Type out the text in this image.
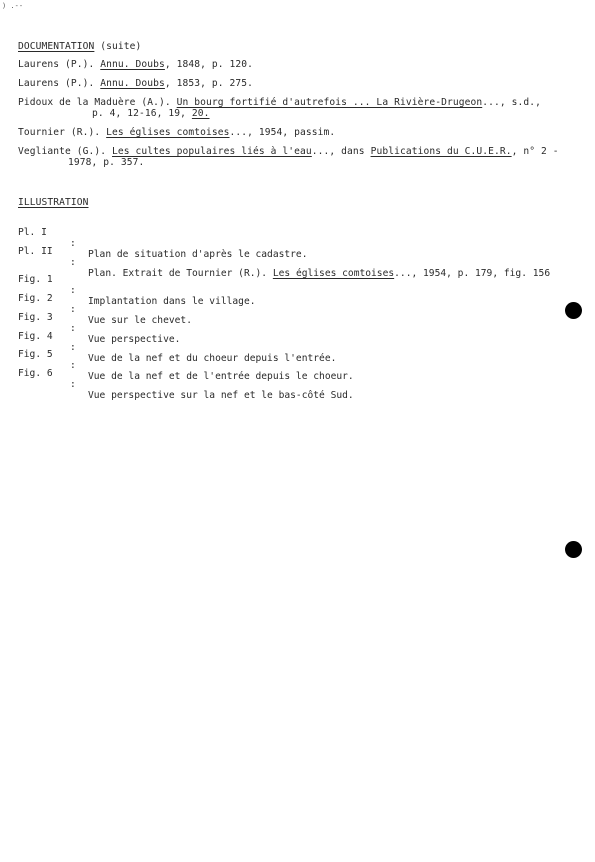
) .--
DOCUMENTATION (suite)
Laurens (P.). Annu. Doubs, 1848, p. 120.
Laurens (P.). Annu. Doubs, 1853, p. 275.
Pidoux de la Maduère (A.). Un bourg fortifié d'autrefois ... La Rivière-Drugeon..., s.d.,
p. 4, 12-16, 19, 20.
Tournier (R.). Les églises comtoises..., 1954, passim.
Vegliante (G.). Les cultes populaires liés à l'eau..., dans Publications du C.U.E.R., n° 2 -
1978, p. 357.
ILLUSTRATION

Pl. I

:

Plan de situation d'après le cadastre.

Pl. II

:

Plan. Extrait de Tournier (R.). Les églises comtoises..., 1954, p. 179, fig. 156

Fig. 1

:

Implantation dans le village.

Fig. 2

:

Vue sur le chevet.

Fig. 3

:

Vue perspective.

Fig. 4

:

Vue de la nef et du choeur depuis l'entrée.

Fig. 5

:

Vue de la nef et de l'entrée depuis le choeur.

Fig. 6

:

Vue perspective sur la nef et le bas-côté Sud.
